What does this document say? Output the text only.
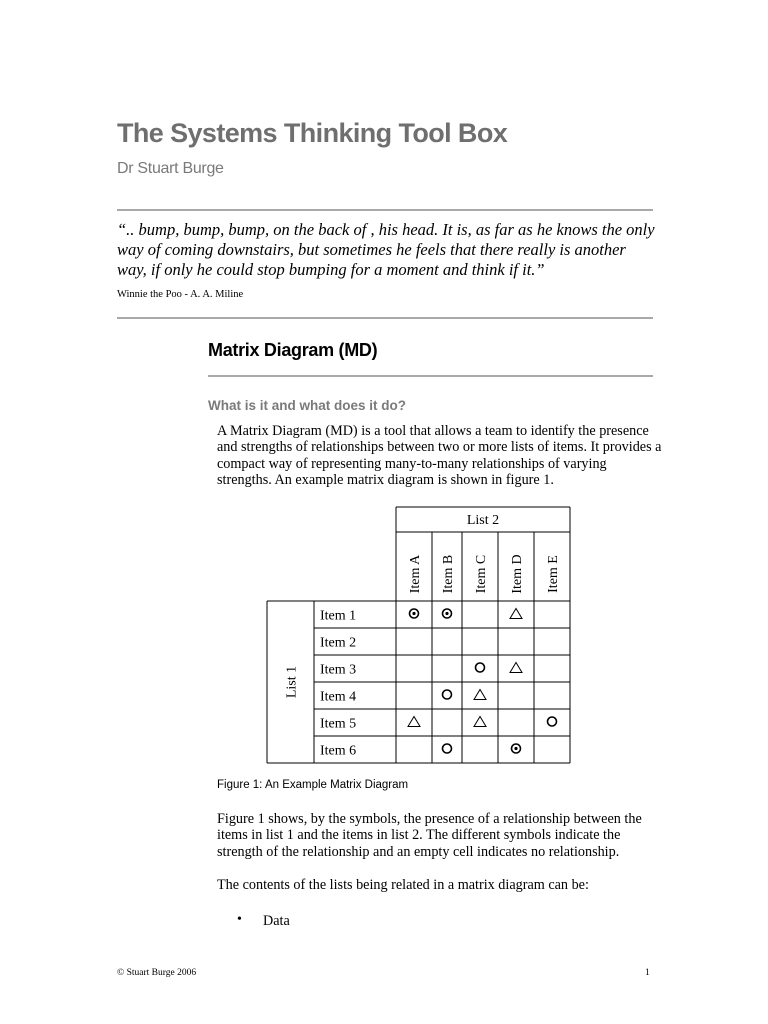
The Systems Thinking Tool Box
Dr Stuart Burge
“.. bump, bump, bump, on the back of , his head. It is, as far as he knows the only way of coming downstairs, but sometimes he feels that there really is another way, if only he could stop bumping for a moment and think if it.”
Winnie the Poo - A. A. Miline
Matrix Diagram (MD)
What is it and what does it do?
A Matrix Diagram (MD) is a tool that allows a team to identify the presence and strengths of relationships between two or more lists of items. It provides a compact way of representing many-to-many relationships of varying strengths. An example matrix diagram is shown in figure 1.
List 2
Item A Item B Item C Item D Item E
List 1
Item 1
Item 2
Item 3
Item 4
Item 5
Item 6
Figure 1: An Example Matrix Diagram
Figure 1 shows, by the symbols, the presence of a relationship between the items in list 1 and the items in list 2. The different symbols indicate the strength of the relationship and an empty cell indicates no relationship.
The contents of the lists being related in a matrix diagram can be:
• Data
© Stuart Burge 2006	1
